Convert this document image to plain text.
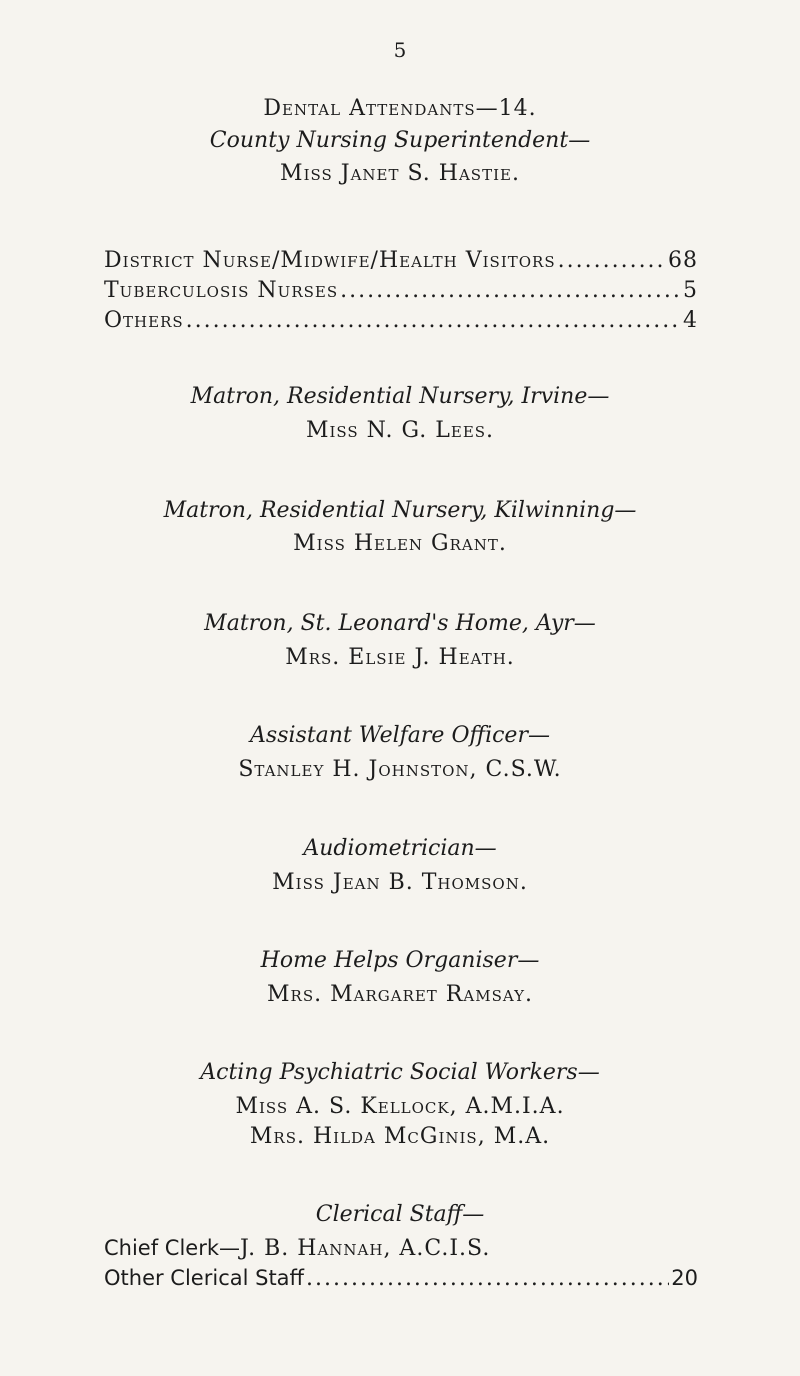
5
Dental Attendants—14.
County Nursing Superintendent—
Miss Janet S. Hastie.
District Nurse/Midwife/Health Visitors .....	68
Tuberculosis Nurses .....	5
Others .....	4
Matron, Residential Nursery, Irvine—
Miss N. G. Lees.
Matron, Residential Nursery, Kilwinning—
Miss Helen Grant.
Matron, St. Leonard's Home, Ayr—
Mrs. Elsie J. Heath.
Assistant Welfare Officer—
Stanley H. Johnston, C.S.W.
Audiometrician—
Miss Jean B. Thomson.
Home Helps Organiser—
Mrs. Margaret Ramsay.
Acting Psychiatric Social Workers—
Miss A. S. Kellock, A.M.I.A.
Mrs. Hilda McGinis, M.A.
Clerical Staff—
Chief Clerk—J. B. Hannah, A.C.I.S.
Other Clerical Staff .....	20
